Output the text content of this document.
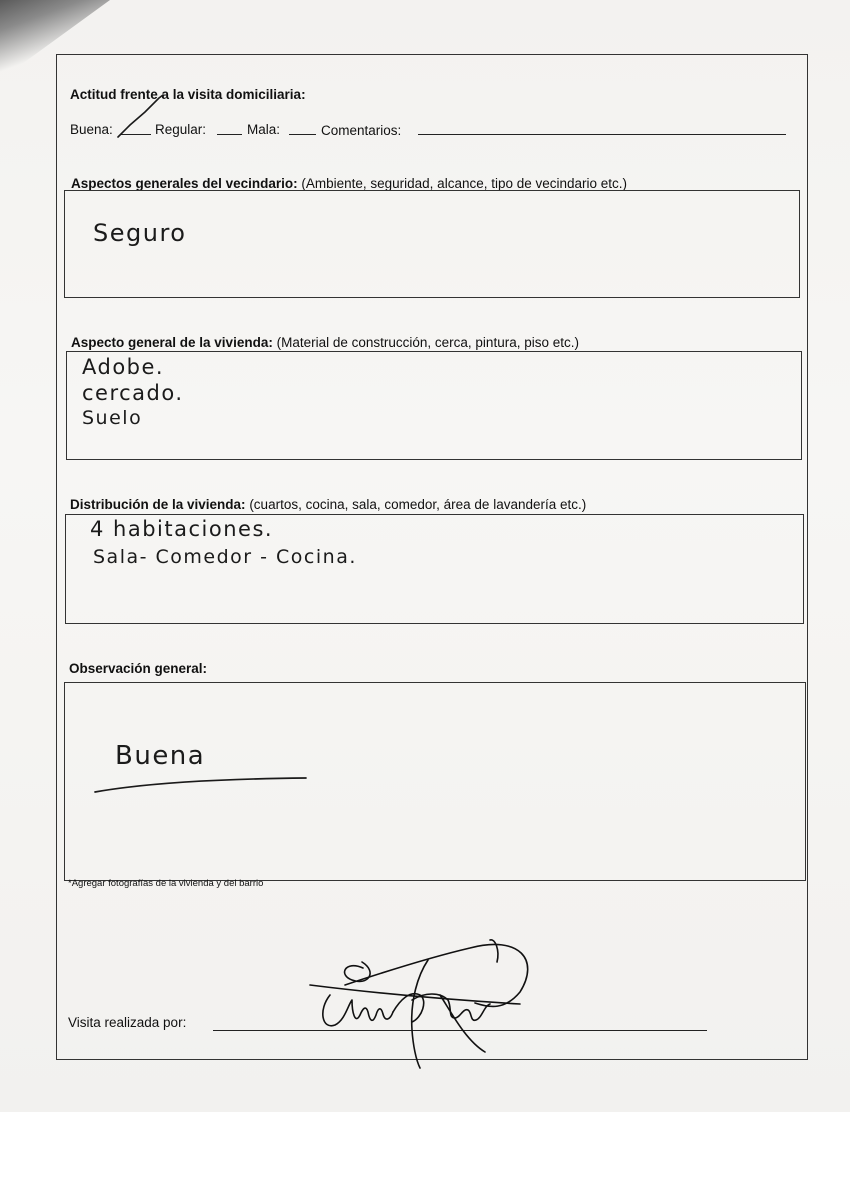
Actitud frente a la visita domiciliaria:
Buena:	Regular:	Mala:	Comentarios:
Aspectos generales del vecindario: (Ambiente, seguridad, alcance, tipo de vecindario etc.)
Seguro
Aspecto general de la vivienda: (Material de construcción, cerca, pintura, piso etc.)
Adobe.
cercado.
Suelo
Distribución de la vivienda: (cuartos, cocina, sala, comedor, área de lavandería etc.)
4 habitaciones.
Sala- Comedor - Cocina.
Observación general:
Buena
*Agregar fotografías de la vivienda y del barrio
Visita realizada por:
